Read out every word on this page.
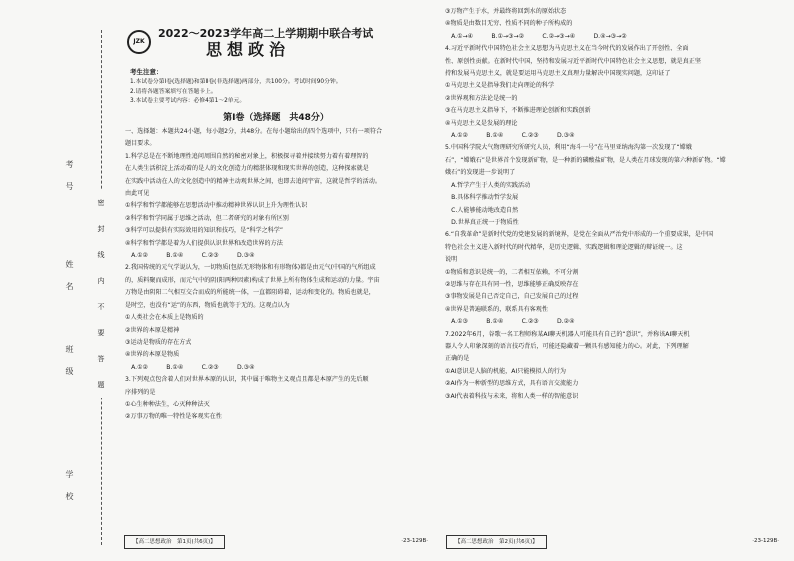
考号
姓名
班级
学校
密
封
线
内
不
要
答
题
JZK
2022～2023学年高二上学期期中联合考试
思想政治
考生注意：
1.本试卷分第Ⅰ卷(选择题)和第Ⅱ卷(非选择题)两部分，共100分。考试时间90分钟。
2.请将各题答案填写在答题卡上。
3.本试卷主要考试内容：必修4第1～2单元。
第Ⅰ卷（选择题　共48分）
一、选择题：本题共24小题，每小题2分，共48分。在每小题给出的四个选项中，只有一项符合
题目要求。
1.科学总是在不断地理性追问周围自然的秘密对象上，积极探寻着并接续努力着有着理智的
在人类生活积淀上活动着的是人的文化创造力的精湛体现和现实世界的创造，这种探索就是
在实践中活动在人的文化创造中的精神主动观世界之间，也即去追问宇宙，这就是哲学的活动。
由此可见
①科学和哲学都能够在思想活动中推动精神世界认识上升为理性认识
②科学和哲学同属于思维之活动，但二者研究的对象有所区别
③科学可以提供有实际效用的知识和技巧，是“科学之科学”
④科学和哲学都是着为人们提供认识世界和改造世界的方法
　A.①②　　　B.①④　　　C.②③　　　D.③④
2.我国传统的元气学说认为，一切物质(包括无形物体和有形物体)都是由元气(中国的气所组成
的，质料聚而成形，而元气中的阴(阳两种因素)构成了世界上所有物体生成和运动的力量。宇宙
万物是由阴阳二气相互交合而成的所能统一体，一直都阻碍着，运动和变化的。物质也就是，
是时空，也没有“运”的东西，物质也就等于无的。这观点认为
①人类社会在本质上是物质的
②世界的本原是精神
③运动是物质的存在方式
④世界的本原是物质
　A.①②　　　B.①④　　　C.②③　　　D.③④
3.下列观点包含着人们对世界本原的认识，其中属于唯物主义观点且都是本原产生的先后顺
序排列的是
①心生种种法生，心灭种种法灭
②万事万物的唯一特性是客观实在性
【高二思想政治　第1页(共6页)】	·23-129B·
③万物产生于水，并最终将回到水的原始状态
④物质是由数目无穷、性质不同的种子所构成的
　A.①→④　　　B.①→③→②　　　C.②→③→④　　　D.④→③→②
4.习近平新时代中国特色社会主义思想为马克思主义在当今时代的发展作出了开创性、全面
性、原创性贡献。在新时代中国，坚持和发展习近平新时代中国特色社会主义思想，就是真正坚
持和发展马克思主义，就是要运用马克思主义真理力量解决中国现实问题，这印证了
①马克思主义是指导我们走向理论的科学
②世界观和方法论是统一的
③在马克思主义指导下，不断推进理论创新和实践创新
④马克思主义是发展的理论
　A.①②　　　B.①④　　　C.②③　　　D.③④
5.中国科学院大气物理研究所研究人员，利用“海斗一号”在马里亚纳海沟第一次发现了“嫦娥
石”，“嫦娥石”是世界首个发现新矿物，是一种新的磷酸盐矿物，是人类在月球发现的第六种新矿物。“嫦
娥石”的发现进一步说明了
　A.哲学产生于人类的实践活动
　B.具体科学推动哲学发展
　C.人能够能动地改造自然
　D.世界真正统一于物质性
6.“自我革命”是新时代党的党建发展的新境界，是党在全面从严治党中形成的一个重要成果，是中国
特色社会主义进入新时代的时代精华，是历史逻辑、实践逻辑和理论逻辑的辩证统一。这
说明
①物质和意识是统一的，二者相互依赖，不可分割
②思维与存在具有同一性，思维能够正确反映存在
③事物发展是自己否定自己，自己发展自己的过程
④世界是普遍联系的，联系具有客观性
　A.①③　　　B.①④　　　C.②③　　　D.②④
7.2022年6月，谷歌一名工程师称某AI聊天机器人可能具有自己的“意识”，并称该AI聊天机
器人令人印象深刻的语言技巧背后，可能还隐藏着一颗具有感知能力的心。对此，下列理解
正确的是
①AI意识是人脑的机能，AI只能模拟人的行为
②AI作为一种新型的思维方式，具有语言交流能力
③AI代表着科技与未来，将和人类一样的智能意识
【高二思想政治　第2页(共6页)】	·23-129B·
